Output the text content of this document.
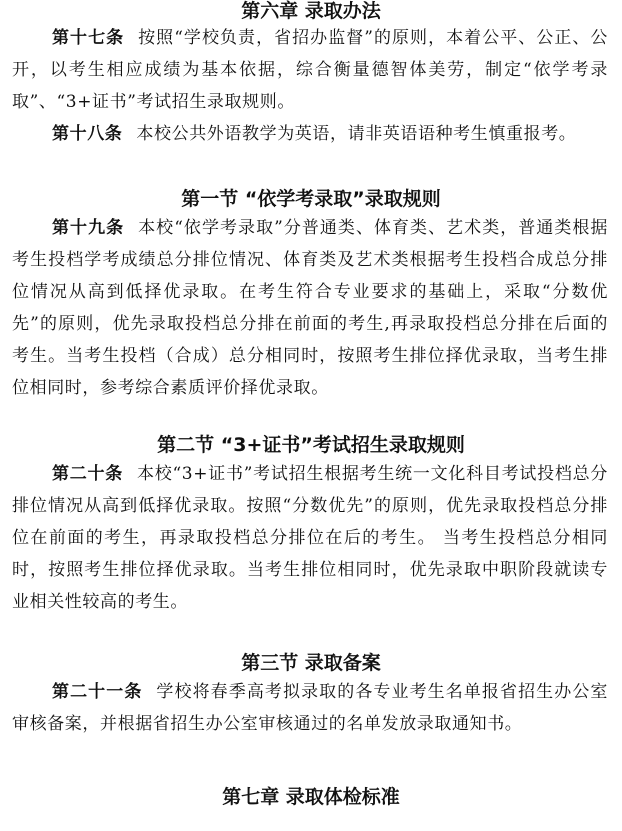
第六章 录取办法

第十七条 按照“学校负责，省招办监督”的原则，本着公平、公正、公开，以考生相应成绩为基本依据，综合衡量德智体美劳，制定“依学考录取”、“3+证书”考试招生录取规则。

第十八条 本校公共外语教学为英语，请非英语语种考生慎重报考。

第一节 “依学考录取”录取规则

第十九条 本校“依学考录取”分普通类、体育类、艺术类，普通类根据考生投档学考成绩总分排位情况、体育类及艺术类根据考生投档合成总分排位情况从高到低择优录取。在考生符合专业要求的基础上，采取“分数优先”的原则，优先录取投档总分排在前面的考生,再录取投档总分排在后面的考生。当考生投档（合成）总分相同时，按照考生排位择优录取，当考生排位相同时，参考综合素质评价择优录取。

第二节 “3+证书”考试招生录取规则

第二十条 本校“3+证书”考试招生根据考生统一文化科目考试投档总分排位情况从高到低择优录取。按照“分数优先”的原则，优先录取投档总分排位在前面的考生，再录取投档总分排位在后的考生。 当考生投档总分相同时，按照考生排位择优录取。当考生排位相同时，优先录取中职阶段就读专业相关性较高的考生。

第三节 录取备案

第二十一条 学校将春季高考拟录取的各专业考生名单报省招生办公室审核备案，并根据省招生办公室审核通过的名单发放录取通知书。

第七章 录取体检标准
